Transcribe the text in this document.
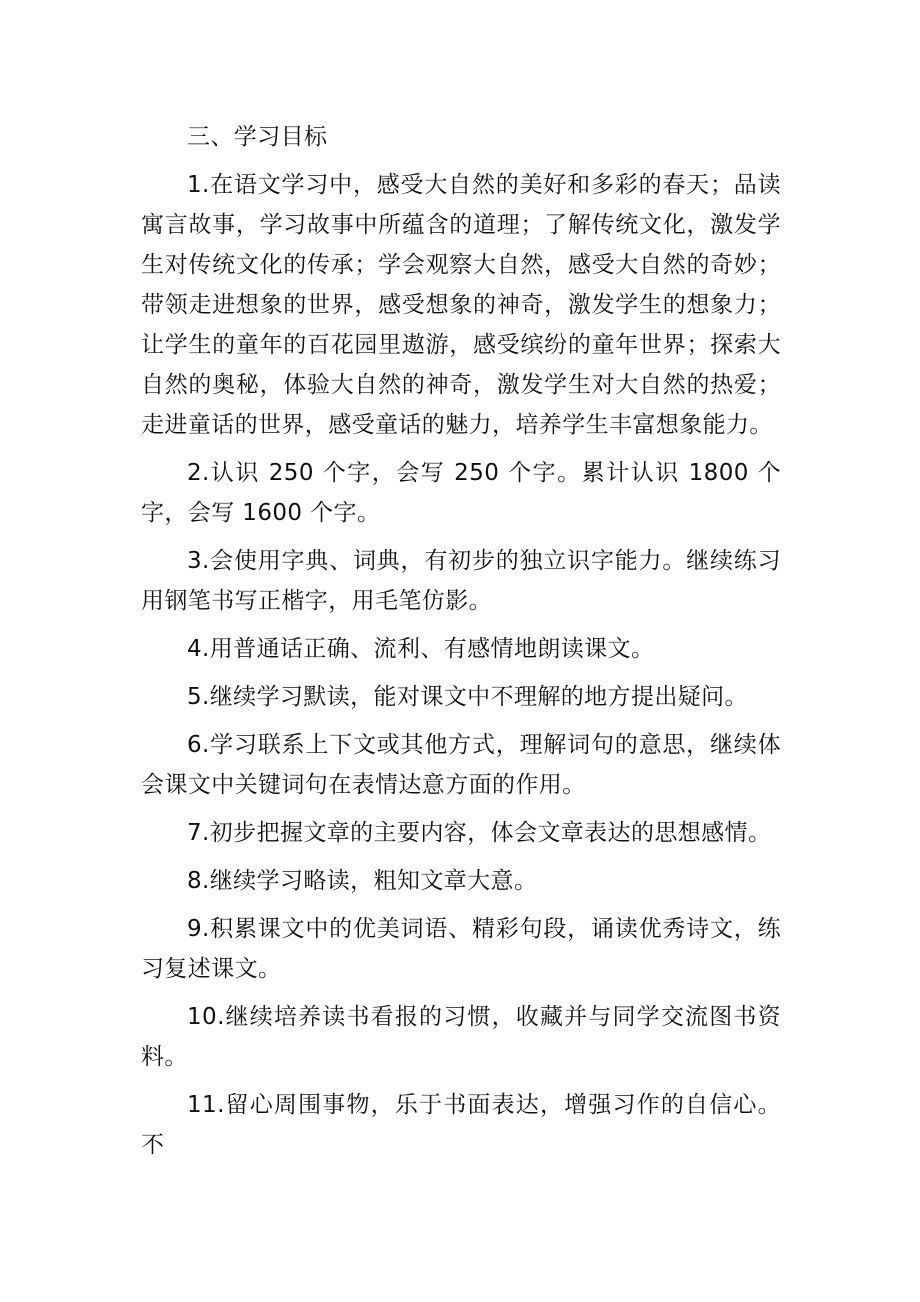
三、学习目标

1.在语文学习中，感受大自然的美好和多彩的春天；品读寓言故事，学习故事中所蕴含的道理；了解传统文化，激发学生对传统文化的传承；学会观察大自然，感受大自然的奇妙；带领走进想象的世界，感受想象的神奇，激发学生的想象力；让学生的童年的百花园里遨游，感受缤纷的童年世界；探索大自然的奥秘，体验大自然的神奇，激发学生对大自然的热爱；走进童话的世界，感受童话的魅力，培养学生丰富想象能力。

2.认识 250 个字，会写 250 个字。累计认识 1800 个字，会写 1600 个字。

3.会使用字典、词典，有初步的独立识字能力。继续练习用钢笔书写正楷字，用毛笔仿影。

4.用普通话正确、流利、有感情地朗读课文。

5.继续学习默读，能对课文中不理解的地方提出疑问。

6.学习联系上下文或其他方式，理解词句的意思，继续体会课文中关键词句在表情达意方面的作用。

7.初步把握文章的主要内容，体会文章表达的思想感情。

8.继续学习略读，粗知文章大意。

9.积累课文中的优美词语、精彩句段，诵读优秀诗文，练习复述课文。

10.继续培养读书看报的习惯，收藏并与同学交流图书资料。

11.留心周围事物，乐于书面表达，增强习作的自信心。不
